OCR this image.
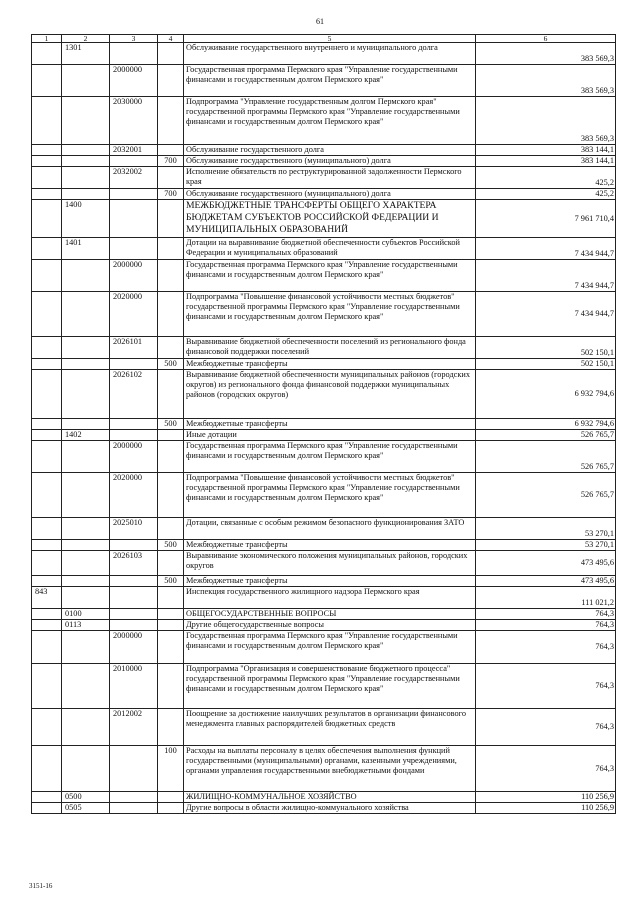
61
1	2	3	4	5	6
	1301			Обслуживание государственного внутреннего и муниципального долга	383 569,3
		2000000		Государственная программа Пермского края "Управление государственными финансами и государственным долгом Пермского края"	383 569,3
		2030000		Подпрограмма "Управление государственным долгом Пермского края" государственной программы Пермского края "Управление государственными финансами и государственным долгом Пермского края"	383 569,3
		2032001		Обслуживание государственного долга	383 144,1
			700	Обслуживание государственного (муниципального) долга	383 144,1
		2032002		Исполнение обязательств по реструктурированной задолженности Пермского края	425,2
			700	Обслуживание государственного (муниципального) долга	425,2
	1400			МЕЖБЮДЖЕТНЫЕ ТРАНСФЕРТЫ ОБЩЕГО ХАРАКТЕРА БЮДЖЕТАМ СУБЪЕКТОВ РОССИЙСКОЙ ФЕДЕРАЦИИ И МУНИЦИПАЛЬНЫХ ОБРАЗОВАНИЙ	7 961 710,4
	1401			Дотации на выравнивание бюджетной обеспеченности субъектов Российской Федерации и муниципальных образований	7 434 944,7
		2000000		Государственная программа Пермского края "Управление государственными финансами и государственным долгом Пермского края"	7 434 944,7
		2020000		Подпрограмма "Повышение финансовой устойчивости местных бюджетов" государственной программы Пермского края "Управление государственными финансами и государственным долгом Пермского края"	7 434 944,7
		2026101		Выравнивание бюджетной обеспеченности поселений из регионального фонда финансовой поддержки поселений	502 150,1
			500	Межбюджетные трансферты	502 150,1
		2026102		Выравнивание бюджетной обеспеченности муниципальных районов (городских округов) из регионального фонда финансовой поддержки муниципальных районов (городских округов)	6 932 794,6
			500	Межбюджетные трансферты	6 932 794,6
	1402			Иные дотации	526 765,7
		2000000		Государственная программа Пермского края "Управление государственными финансами и государственным долгом Пермского края"	526 765,7
		2020000		Подпрограмма "Повышение финансовой устойчивости местных бюджетов" государственной программы Пермского края "Управление государственными финансами и государственным долгом Пермского края"	526 765,7
		2025010		Дотации, связанные с особым режимом безопасного функционирования ЗАТО	53 270,1
			500	Межбюджетные трансферты	53 270,1
		2026103		Выравнивание экономического положения муниципальных районов, городских округов	473 495,6
			500	Межбюджетные трансферты	473 495,6
843				Инспекция государственного жилищного надзора Пермского края	111 021,2
	0100			ОБЩЕГОСУДАРСТВЕННЫЕ ВОПРОСЫ	764,3
	0113			Другие общегосударственные вопросы	764,3
		2000000		Государственная программа Пермского края "Управление государственными финансами и государственным долгом Пермского края"	764,3
		2010000		Подпрограмма "Организация и совершенствование бюджетного процесса" государственной программы Пермского края "Управление государственными финансами и государственным долгом Пермского края"	764,3
		2012002		Поощрение за достижение наилучших результатов в организации финансового менеджмента главных распорядителей бюджетных средств	764,3
			100	Расходы на выплаты персоналу в целях обеспечения выполнения функций государственными (муниципальными) органами, казенными учреждениями, органами управления государственными внебюджетными фондами	764,3
	0500			ЖИЛИЩНО-КОММУНАЛЬНОЕ ХОЗЯЙСТВО	110 256,9
	0505			Другие вопросы в области жилищно-коммунального хозяйства	110 256,9
3151-16
